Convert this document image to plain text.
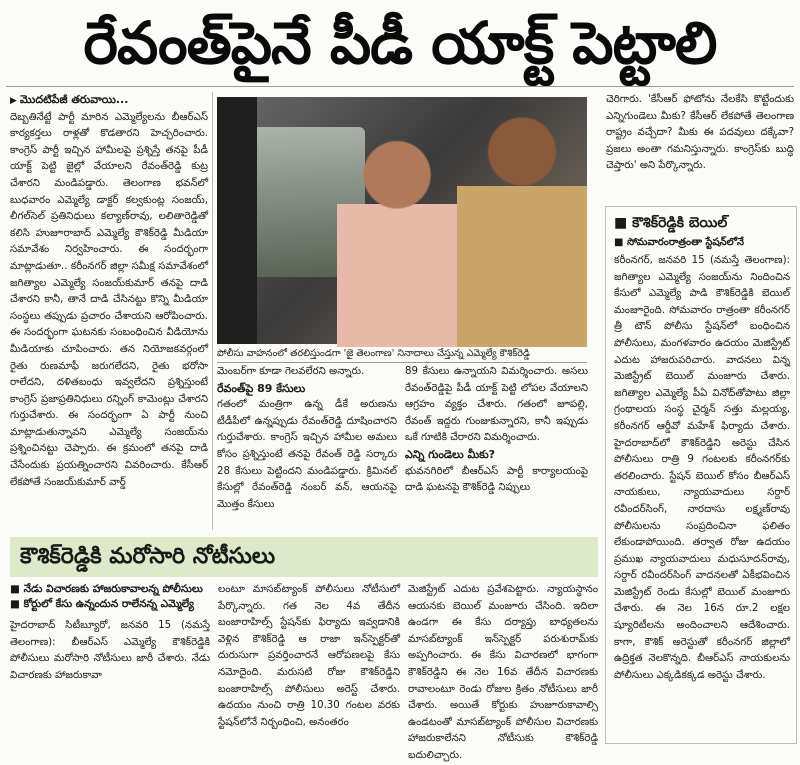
రేవంత్‌పైనే పీడీ యాక్ట్‌ పెట్టాలి

▶ మొదటిపేజీ తరువాయి...

దెబ్బతినేట్టే పార్టీ మారిన ఎమ్మెల్యేలను బీఆర్‌ఎస్‌ కార్యకర్తలు రాళ్లతో కొడతారని హెచ్చరించారు. కాంగ్రెస్‌ పార్టీ ఇచ్చిన హామీలపై ప్రశ్నిస్తే తనపై పీడీ యాక్ట్‌ పెట్టి జైల్లో వేయాలని రేవంత్‌రెడ్డి కుట్ర చేశారని మండిపడ్డారు. తెలంగాణ భవన్‌లో బుధవారం ఎమ్మెల్యే డాక్టర్‌ కల్వకుంట్ల సంజయ్‌, లీగల్‌సెల్‌ ప్రతినిధులు కల్యాణ్‌రావు, లలితారెడ్డితో కలిసి హుజూరాబాద్‌ ఎమ్మెల్యే కౌశిక్‌రెడ్డి మీడియా సమావేశం నిర్వహించారు. ఈ సందర్భంగా మాట్లాడుతూ.. కరీంనగర్‌ జిల్లా సమీక్ష సమావేశంలో జగిత్యాల ఎమ్మెల్యే సంజయ్‌కుమార్‌ తనపై దాడి చేశారని కానీ, తానే దాడి చేసినట్టు కొన్ని మీడియా సంస్థలు తప్పుడు ప్రచారం చేశాయని ఆరోపించారు. ఈ సందర్భంగా ఘటనకు సంబంధించిన వీడియోను మీడియాకు చూపించారు. తన నియోజకవర్గంలో రైతు రుణమాఫీ జరుగలేదని, రైతు భరోసా రాలేదని, దళితబంధు ఇవ్వలేదని ప్రశ్నిస్తుంటే కాంగ్రెస్‌ ప్రజాప్రతినిధులు రన్నింగ్‌ కామెంట్లు చేశారని గుర్తుచేశారు. ఈ సందర్భంగా ఏ పార్టీ నుంచి మాట్లాడుతున్నావని ఎమ్మెల్యే సంజయ్‌ను ప్రశ్నించినట్టు చెప్పారు. ఈ క్రమంలో తనపై దాడి చేసేందుకు ప్రయత్నించారని వివరించారు. కేసీఆర్‌ లేకపోతే సంజయ్‌కుమార్‌ వార్డ్‌

పోలీసు వాహనంలో తరలిస్తుండగా 'జై తెలంగాణ' నినాదాలు చేస్తున్న ఎమ్మెల్యే కౌశిక్‌రెడ్డి

మెంబర్‌గా కూడా గెలవలేరని అన్నారు.

రేవంత్‌పై 89 కేసులు

గతంలో మంత్రిగా ఉన్న డీకే అరుణను టీడీపీలో ఉన్నప్పుడు రేవంత్‌రెడ్డి దూషించారని గుర్తుచేశారు. కాంగ్రెస్‌ ఇచ్చిన హామీల అమలు కోసం ప్రశ్నిస్తుంటే తనపై రేవంత్‌ రెడ్డి సర్కారు 28 కేసులు పెట్టిందని మండిపడ్డారు. క్రిమినల్‌ కేసుల్లో రేవంత్‌రెడ్డి నంబర్‌ వన్‌, ఆయనపై మొత్తం కేసులు

89 కేసులు ఉన్నాయని విమర్శించారు. అసలు రేవంత్‌రెడ్డిపై పీడీ యాక్ట్‌ పెట్టి లోపల వేయాలని ఆగ్రహం వ్యక్తం చేశారు. గతంలో జూపల్లి, రేవంత్‌ ఇద్దరు గుంజుకున్నారని, కానీ ఇప్పుడు ఒకే గూటికి చేరారని విమర్శించారు.

ఎన్ని గుండెలు మీకు?

భువనగిరిలో బీఆర్‌ఎస్‌ పార్టీ కార్యాలయంపై దాడి ఘటనపై కౌశిక్‌రెడ్డి నిప్పులు

చెరిగారు. 'కేసీఆర్‌ ఫోటోను నేలకేసి కొట్టేందుకు ఎన్నిగుండెలు మీకు? కేసీఆర్‌ లేకపోతే తెలంగాణ రాష్ట్రం వచ్చేదా? మీకు ఈ పదవులు దక్కేవా? ప్రజలు అంతా గమనిస్తున్నారు. కాంగ్రెస్‌కు బుద్ధి చెప్తారు' అని పేర్కొన్నారు.

■ కౌశిక్‌రెడ్డికి బెయిల్‌
■ సోమవారంరాత్రంతా స్టేషన్‌లోనే

కరీంనగర్‌, జనవరి 15 (నమస్తే తెలంగాణ): జగిత్యాల ఎమ్మెల్యే సంజయ్‌ను నిందించిన కేసులో ఎమ్మెల్యే పాడి కౌశిక్‌రెడ్డికి బెయిల్‌ మంజూరైంది. సోమవారం రాత్రంతా కరీంనగర్‌ త్రీ టౌన్‌ పోలీసు స్టేషన్‌లో బంధించిన పోలీసులు, మంగళవారం ఉదయం మెజిస్ట్రేట్‌ ఎదుట హాజరుపరిచారు. వాదనలు విన్న మెజిస్ట్రేట్‌ బెయిల్‌ మంజూరు చేశారు. జగిత్యాల ఎమ్మెల్యే పీఏ వినోద్‌తోపాటు జిల్లా గ్రంథాలయ సంస్థ చైర్మన్‌ సత్తు మల్లయ్య, కరీంనగర్‌ ఆర్డీవో మహేశ్‌ ఫిర్యాదు చేశారు. హైదరాబాద్‌లో కౌశిక్‌రెడ్డిని అరెస్టు చేసిన పోలీసులు రాత్రి 9 గంటలకు కరీంనగర్‌కు తరలించారు. స్టేషన్‌ బెయిల్‌ కోసం బీఆర్‌ఎస్‌ నాయకులు, న్యాయవాదులు సర్దార్‌ రవీందర్‌సింగ్‌, నారదాసు లక్ష్మణ్‌రావు పోలీసులను సంప్రదించినా ఫలితం లేకుండాపోయింది. తర్వాత రోజు ఉదయం ప్రముఖ న్యాయవాదులు మధుసూదన్‌రావు, సర్దార్‌ రవీందర్‌సింగ్‌ వాదనలతో ఏకీభవించిన మెజిస్ట్రేట్‌ రెండు కేసుల్లో బెయిల్‌ మంజూరు చేశారు. ఈ నెల 16న రూ.2 లక్షల ష్యూరిటీలను అందించాలని ఆదేశించారు. కాగా, కౌశిక్‌ అరెస్టుతో కరీంనగర్‌ జిల్లాలో ఉద్రిక్తత నెలకొన్నది. బీఆర్‌ఎస్‌ నాయకులను పోలీసులు ఎక్కడికక్కడ అరెస్టు చేశారు.

కౌశిక్‌రెడ్డికి మరోసారి నోటీసులు
■ నేడు విచారణకు హాజరుకావాలన్న పోలీసులు
■ కోర్టులో కేసు ఉన్నందున రాలేనన్న ఎమ్మెల్యే

హైదరాబాద్‌ సిటీబ్యూరో, జనవరి 15 (నమస్తే తెలంగాణ): బీఆర్‌ఎస్‌ ఎమ్మెల్యే కౌశిక్‌రెడ్డికి పోలీసులు మరోసారి నోటీసులు జారీ చేశారు. నేడు విచారణకు హాజరుకావా

లంటూ మాసబ్‌ట్యాంక్‌ పోలీసులు నోటీసులో పేర్కొన్నారు. గత నెల 4వ తేదీన బంజారాహిల్స్‌ స్టేషన్‌కు ఫిర్యాదు ఇవ్వడానికి వెళ్లిన కౌశిక్‌రెడ్డి ఆ రాజా ఇన్‌స్పెక్టర్‌తో దురుసుగా ప్రవర్తించారనే ఆరోపణలపై కేసు నమోదైంది. మరుసటి రోజు కౌశిక్‌రెడ్డిని బంజారాహిల్స్‌ పోలీసులు అరెస్ట్‌ చేశారు. ఉదయం నుంచి రాత్రి 10.30 గంటల వరకు స్టేషన్‌లోనే నిర్బంధించి, అనంతరం

మెజిస్ట్రేట్‌ ఎదుట ప్రవేశపెట్టారు. న్యాయస్థానం ఆయనకు బెయిల్‌ మంజూరు చేసింది. ఇదిలా ఉండగా ఈ కేసు దర్యాప్తు బాధ్యతలను మాసబ్‌ట్యాంక్‌ ఇన్‌స్పెక్టర్‌ పరుశురామ్‌కు అప్పగించారు. ఈ కేసు విచారణలో భాగంగా కౌశిక్‌రెడ్డిని ఈ నెల 16వ తేదీన విచారణకు రావాలంటూ రెండు రోజుల క్రితం నోటీసులు జారీ చేశారు. అయితే కోర్టుకు హుజూరుకావాల్సి ఉండటంతో మాసబ్‌ట్యాంక్‌ పోలీసుల విచారణకు హాజరుకాలేనని నోటీసుకు కౌశిక్‌రెడ్డి బదులిచ్చారు.
